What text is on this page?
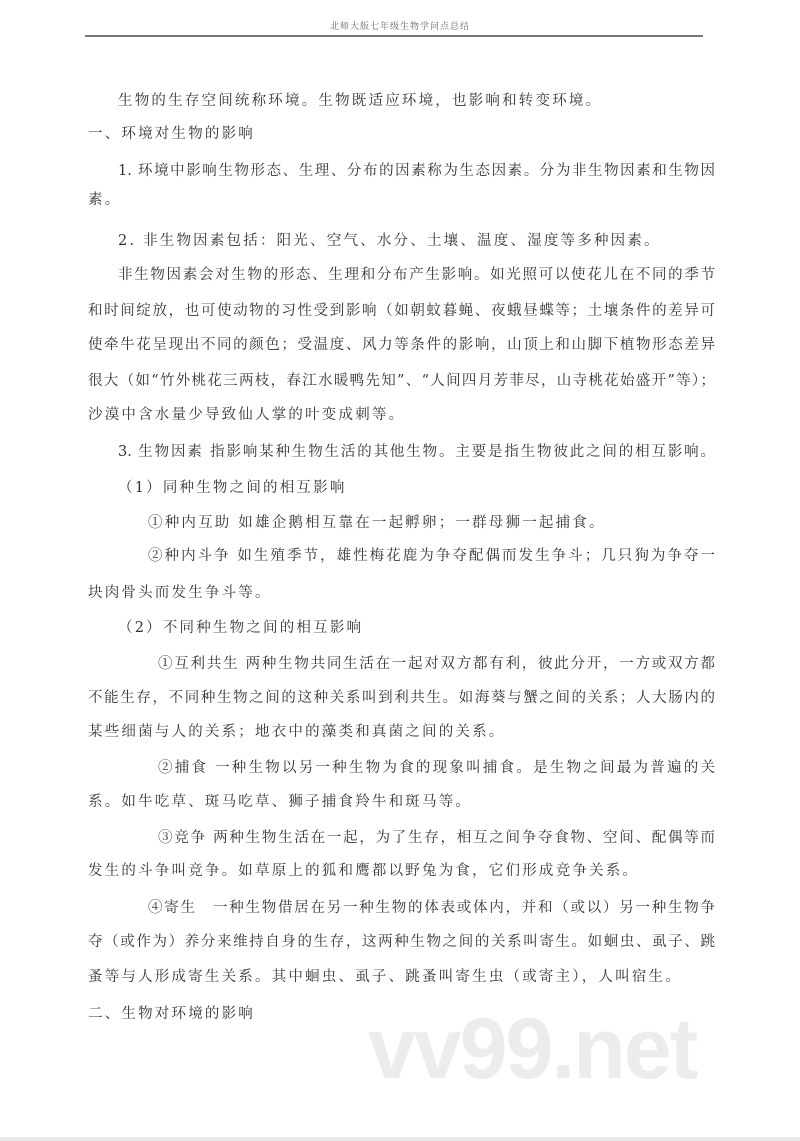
北师大版七年级生物学问点总结
生物的生存空间统称环境。生物既适应环境，也影响和转变环境。
一、环境对生物的影响
1. 环境中影响生物形态、生理、分布的因素称为生态因素。分为非生物因素和生物因
素。
2. 非生物因素包括：阳光、空气、水分、土壤、温度、湿度等多种因素。
非生物因素会对生物的形态、生理和分布产生影响。如光照可以使花儿在不同的季节
和时间绽放，也可使动物的习性受到影响（如朝蚊暮蝇、夜蛾昼蝶等；土壤条件的差异可
使牵牛花呈现出不同的颜色；受温度、风力等条件的影响，山顶上和山脚下植物形态差异
很大（如“竹外桃花三两枝，春江水暖鸭先知”、“人间四月芳菲尽，山寺桃花始盛开”等）；
沙漠中含水量少导致仙人掌的叶变成刺等。
3. 生物因素 指影响某种生物生活的其他生物。主要是指生物彼此之间的相互影响。
（1）同种生物之间的相互影响
①种内互助 如雄企鹅相互靠在一起孵卵；一群母狮一起捕食。
②种内斗争 如生殖季节，雄性梅花鹿为争夺配偶而发生争斗；几只狗为争夺一
块肉骨头而发生争斗等。
（2）不同种生物之间的相互影响
①互利共生 两种生物共同生活在一起对双方都有利，彼此分开，一方或双方都
不能生存，不同种生物之间的这种关系叫到利共生。如海葵与蟹之间的关系；人大肠内的
某些细菌与人的关系；地衣中的藻类和真菌之间的关系。
②捕食 一种生物以另一种生物为食的现象叫捕食。是生物之间最为普遍的关
系。如牛吃草、斑马吃草、狮子捕食羚牛和斑马等。
③竞争 两种生物生活在一起，为了生存，相互之间争夺食物、空间、配偶等而
发生的斗争叫竞争。如草原上的狐和鹰都以野兔为食，它们形成竞争关系。
④寄生　一种生物借居在另一种生物的体表或体内，并和（或以）另一种生物争
夺（或作为）养分来维持自身的生存，这两种生物之间的关系叫寄生。如蛔虫、虱子、跳
蚤等与人形成寄生关系。其中蛔虫、虱子、跳蚤叫寄生虫（或寄主），人叫宿生。
二、生物对环境的影响 vv99.net
